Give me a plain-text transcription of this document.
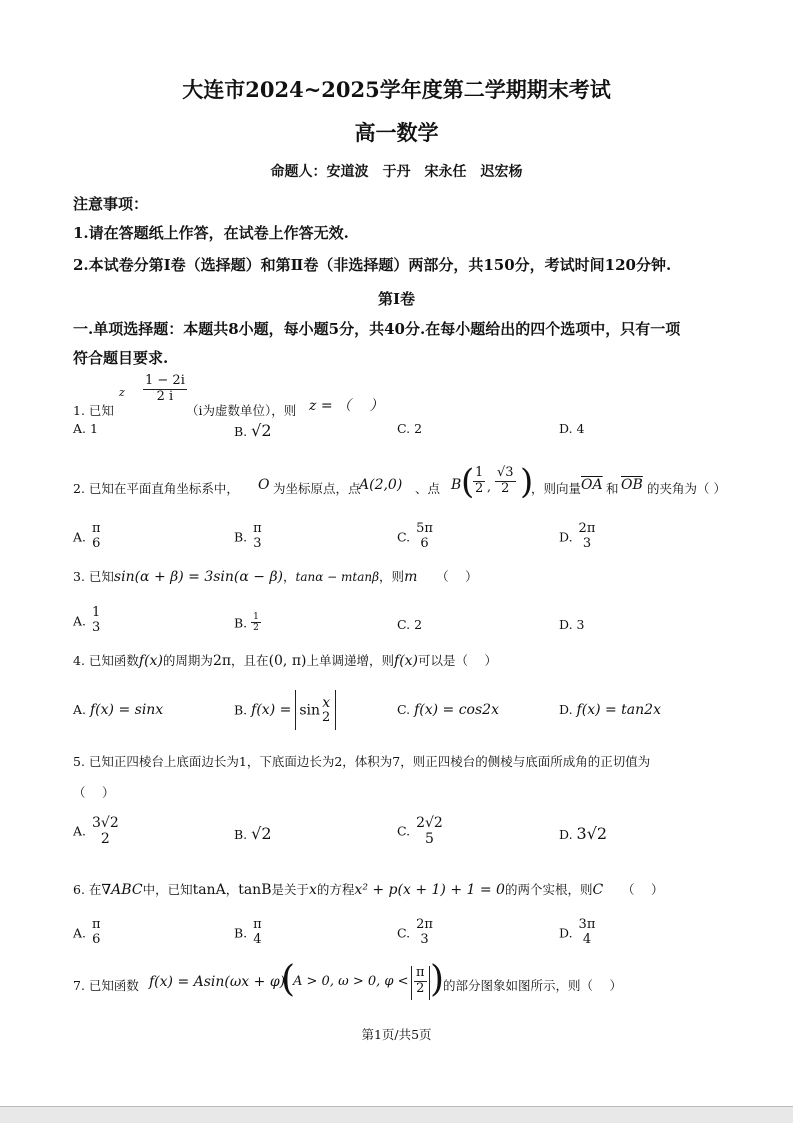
大连市2024~2025学年度第二学期期末考试
高一数学
命题人：安道波　于丹　宋永任　迟宏杨
注意事项：
1.请在答题纸上作答，在试卷上作答无效.
2.本试卷分第Ⅰ卷（选择题）和第Ⅱ卷（非选择题）两部分，共150分，考试时间120分钟.
第Ⅰ卷
一.单项选择题：本题共8小题，每小题5分，共40分.在每小题给出的四个选项中，只有一项
符合题目要求.
1. 已知
z $\frac{1 - 2i}{2 i}$
（i为虚数单位），则 z = （　 ）
A. 1	B. √2	C. 2	D. 4
2. 已知在平面直角坐标系中， O 为坐标原点，点
A(2,0) 、点 B (
$\frac{1}{2}$ , $\frac{√3}{2}$ )
，则向量 $\overline{OA}$ 和 $\overline{OB}$ 的夹角为（ ）
A.
π
6	B.
π
3	C.
5π
6	D.
2π
3
3. 已知sin(α + β) = 3sin(α − β)，tanα − mtanβ，则m　　 （　 ）
A.
1
3	B. $\frac{1}{2}$	C. 2	D. 3
4. 已知函数f(x)的周期为2π，且在(0, π)上单调递增，则f(x)可以是（　 ）
A. f(x) = sinx	B. f(x) = sin x
2
C. f(x) = cos2x	D. f(x) = tan2x
5. 已知正四棱台上底面边长为1，下底面边长为2，体积为7，则正四棱台的侧棱与底面所成角的正切值为
（　 ）
A.
3√2
2	B. √2	C.
2√2
5	D. 3√2
6. 在∇ABC中，已知tanA，tanB是关于x的方程x² + p(x + 1) + 1 = 0的两个实根，则C　　 （　 ）
A.
π
6	B.
π
4	C.
2π
3	D.
3π
4
7. 已知函数 f(x) = Asin(ωx + φ)
(
A > 0, ω > 0, $\varphi < \frac{\pi}{2}$ )
的部分图象如图所示，则（　 ）
第1页/共5页
